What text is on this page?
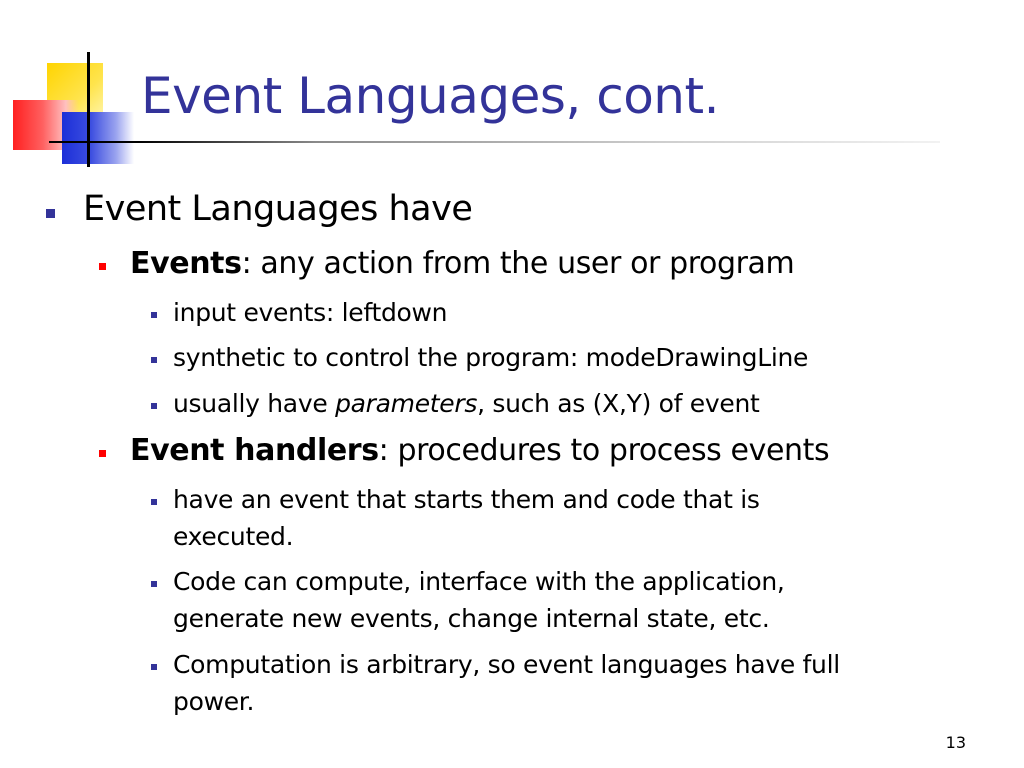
Event Languages, cont.
Event Languages have
Events: any action from the user or program
input events: leftdown
synthetic to control the program: modeDrawingLine
usually have parameters, such as (X,Y) of event
Event handlers: procedures to process events
have an event that starts them and code that is
executed.
Code can compute, interface with the application,
generate new events, change internal state, etc.
Computation is arbitrary, so event languages have full
power.
13
